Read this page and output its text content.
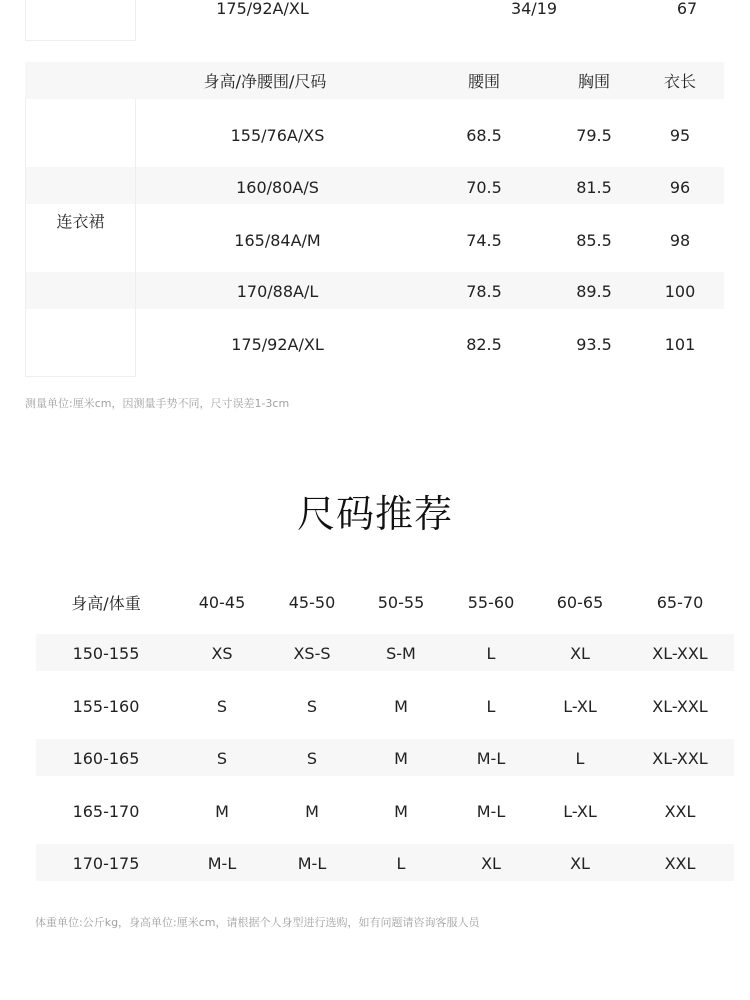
175/92A/XL	34/19	67
身高/净腰围/尺码	腰围	胸围	衣长
连衣裙
155/76A/XS	68.5	79.5	95
160/80A/S	70.5	81.5	96
165/84A/M	74.5	85.5	98
170/88A/L	78.5	89.5	100
175/92A/XL	82.5	93.5	101
测量单位:厘米cm，因测量手势不同，尺寸误差1-3cm
尺码推荐
身高/体重	40-45	45-50	50-55	55-60	60-65	65-70
150-155	XS	XS-S	S-M	L	XL	XL-XXL
155-160	S	S	M	L	L-XL	XL-XXL
160-165	S	S	M	M-L	L	XL-XXL
165-170	M	M	M	M-L	L-XL	XXL
170-175	M-L	M-L	L	XL	XL	XXL
体重单位:公斤kg，身高单位:厘米cm，请根据个人身型进行选购，如有问题请咨询客服人员
